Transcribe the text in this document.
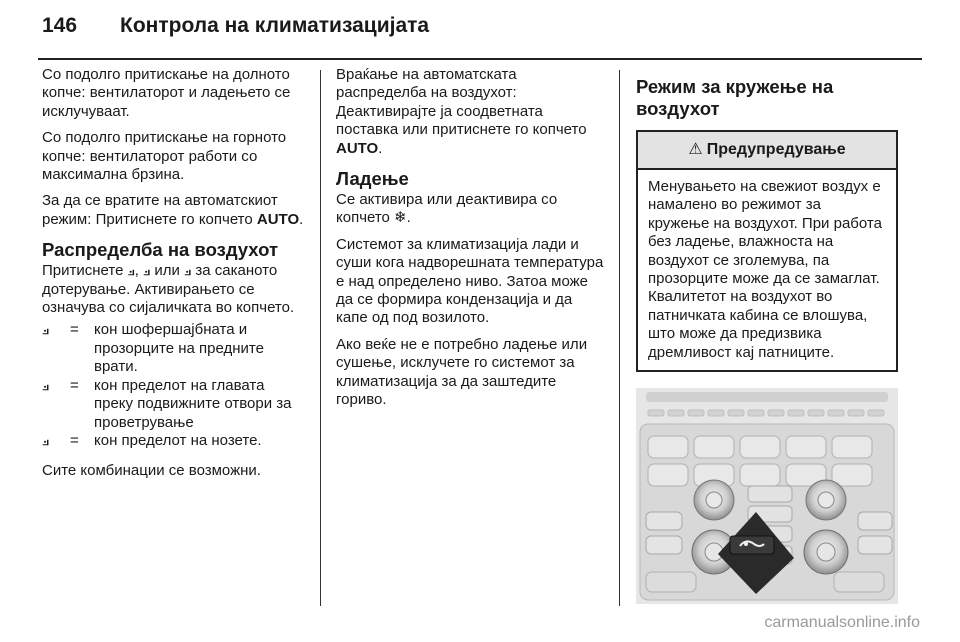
146	Контрола на климатизацијата

Со подолго притискање на долното копче: вентилаторот и ладењето се исклучуваат.

Со подолго притискање на горното копче: вентилаторот работи со максимална брзина.

За да се вратите на автоматскиот режим: Притиснете го копчето AUTO.

Распределба на воздухот

Притиснете ⟓, ⟓ или ⟓ за саканото дотерување. Активирањето се означува со сијаличката во копчето.

⟓	=	кон шофершајбната и прозорците на предните врати.
⟓	=	кон пределот на главата преку подвижните отвори за проветрување
⟓	=	кон пределот на нозете.

Сите комбинации се возможни.

Враќање на автоматската распределба на воздухот: Деактивирајте ја соодветната поставка или притиснете го копчето AUTO.

Ладење

Се активира или деактивира со копчето ❄.

Системот за климатизација лади и суши кога надворешната температура е над определено ниво. Затоа може да се формира кондензација и да капе од под возилото.

Ако веќе не е потребно ладење или сушење, исклучете го системот за климатизација за да заштедите гориво.

Режим за кружење на воздухот
⚠ Предупредување
Менувањето на свежиот воздух е намалено во режимот за кружење на воздухот. При работа без ладење, влажноста на воздухот се зголемува, па прозорците може да се замаглат. Квалитетот на воздухот во патничката кабина се влошува, што може да предизвика дремливост кај патниците.
carmanualsonline.info
